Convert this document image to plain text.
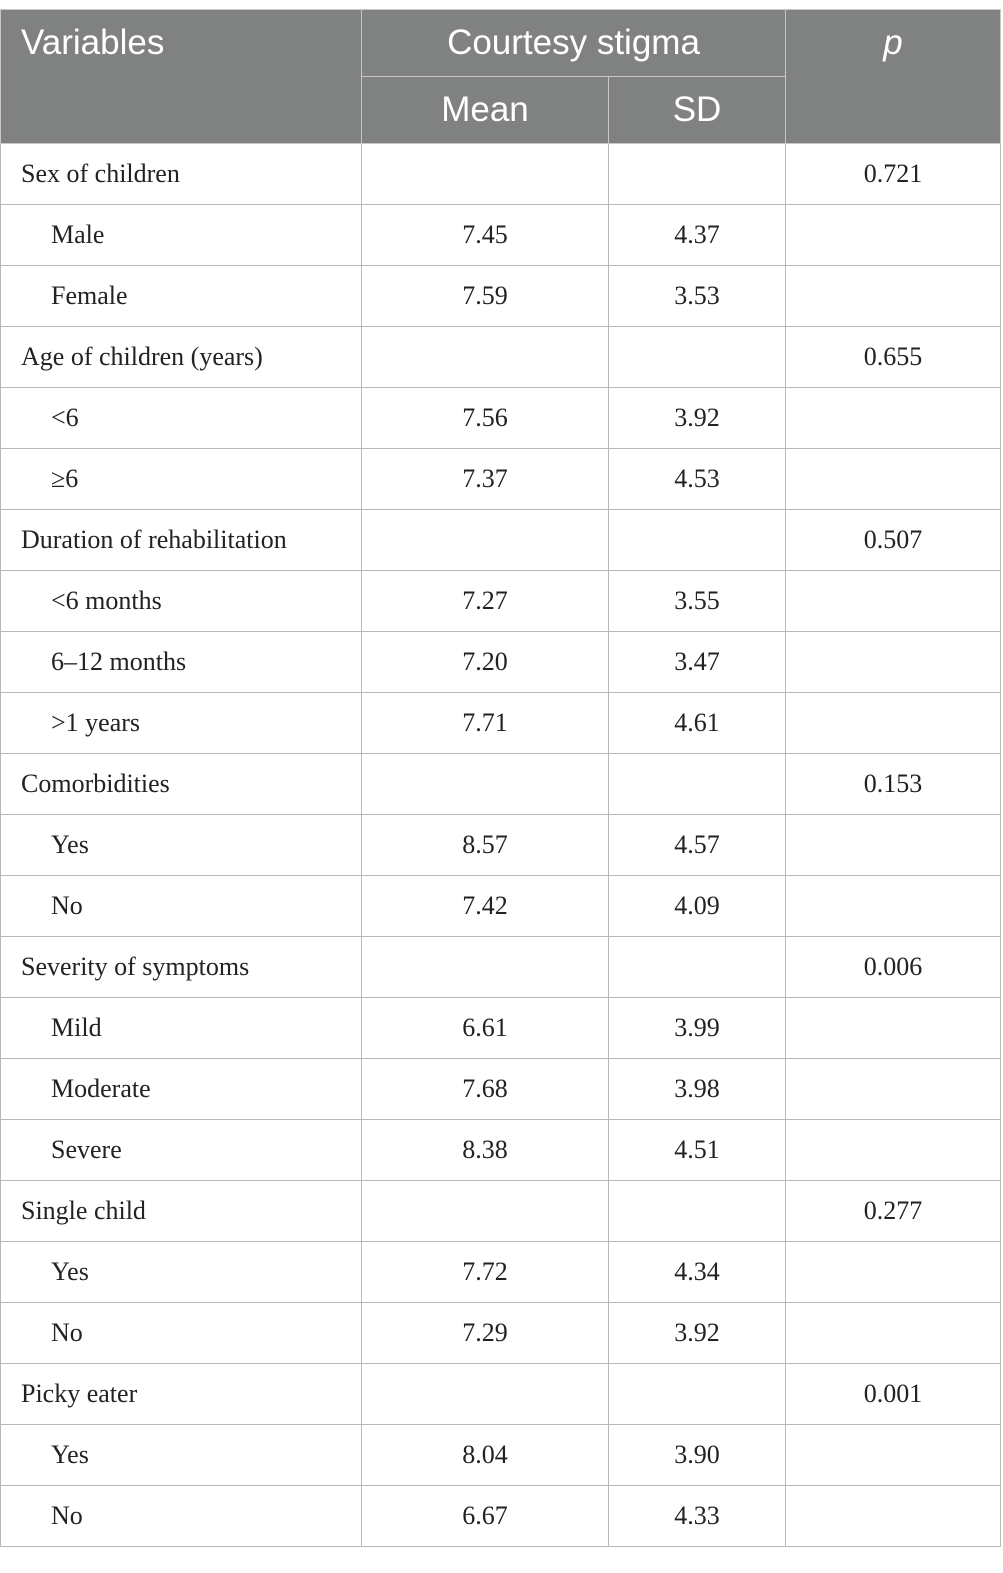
Variables	Courtesy stigma		p
	Mean	SD	
Sex of children			0.721
Male	7.45	4.37	
Female	7.59	3.53	
Age of children (years)			0.655
<6	7.56	3.92	
≥6	7.37	4.53	
Duration of rehabilitation			0.507
<6 months	7.27	3.55	
6–12 months	7.20	3.47	
>1 years	7.71	4.61	
Comorbidities			0.153
Yes	8.57	4.57	
No	7.42	4.09	
Severity of symptoms			0.006
Mild	6.61	3.99	
Moderate	7.68	3.98	
Severe	8.38	4.51	
Single child			0.277
Yes	7.72	4.34	
No	7.29	3.92	
Picky eater			0.001
Yes	8.04	3.90	
No	6.67	4.33	
